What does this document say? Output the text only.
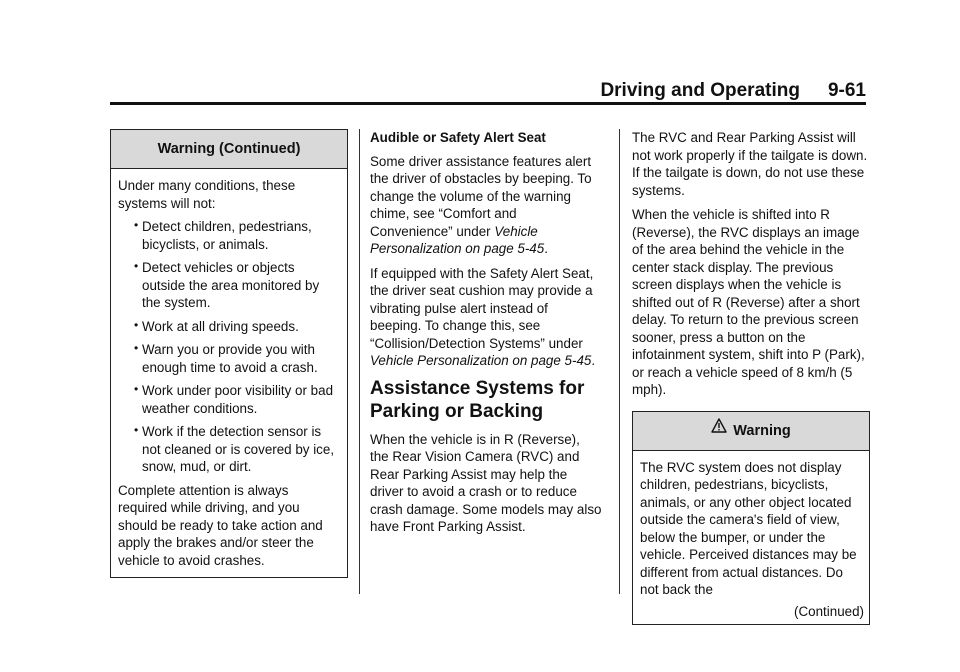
Driving and Operating 9-61
Warning (Continued)

Under many conditions, these systems will not:

• Detect children, pedestrians, bicyclists, or animals.
• Detect vehicles or objects outside the area monitored by the system.
• Work at all driving speeds.
• Warn you or provide you with enough time to avoid a crash.
• Work under poor visibility or bad weather conditions.
• Work if the detection sensor is not cleaned or is covered by ice, snow, mud, or dirt.

Complete attention is always required while driving, and you should be ready to take action and apply the brakes and/or steer the vehicle to avoid crashes.

Audible or Safety Alert Seat

Some driver assistance features alert the driver of obstacles by beeping. To change the volume of the warning chime, see “Comfort and Convenience” under Vehicle Personalization on page 5-45.

If equipped with the Safety Alert Seat, the driver seat cushion may provide a vibrating pulse alert instead of beeping. To change this, see “Collision/Detection Systems” under Vehicle Personalization on page 5-45.

Assistance Systems for Parking or Backing

When the vehicle is in R (Reverse), the Rear Vision Camera (RVC) and Rear Parking Assist may help the driver to avoid a crash or to reduce crash damage. Some models may also have Front Parking Assist.

The RVC and Rear Parking Assist will not work properly if the tailgate is down. If the tailgate is down, do not use these systems.

When the vehicle is shifted into R (Reverse), the RVC displays an image of the area behind the vehicle in the center stack display. The previous screen displays when the vehicle is shifted out of R (Reverse) after a short delay. To return to the previous screen sooner, press a button on the infotainment system, shift into P (Park), or reach a vehicle speed of 8 km/h (5 mph).

Warning

The RVC system does not display children, pedestrians, bicyclists, animals, or any other object located outside the camera's field of view, below the bumper, or under the vehicle. Perceived distances may be different from actual distances. Do not back the

(Continued)
